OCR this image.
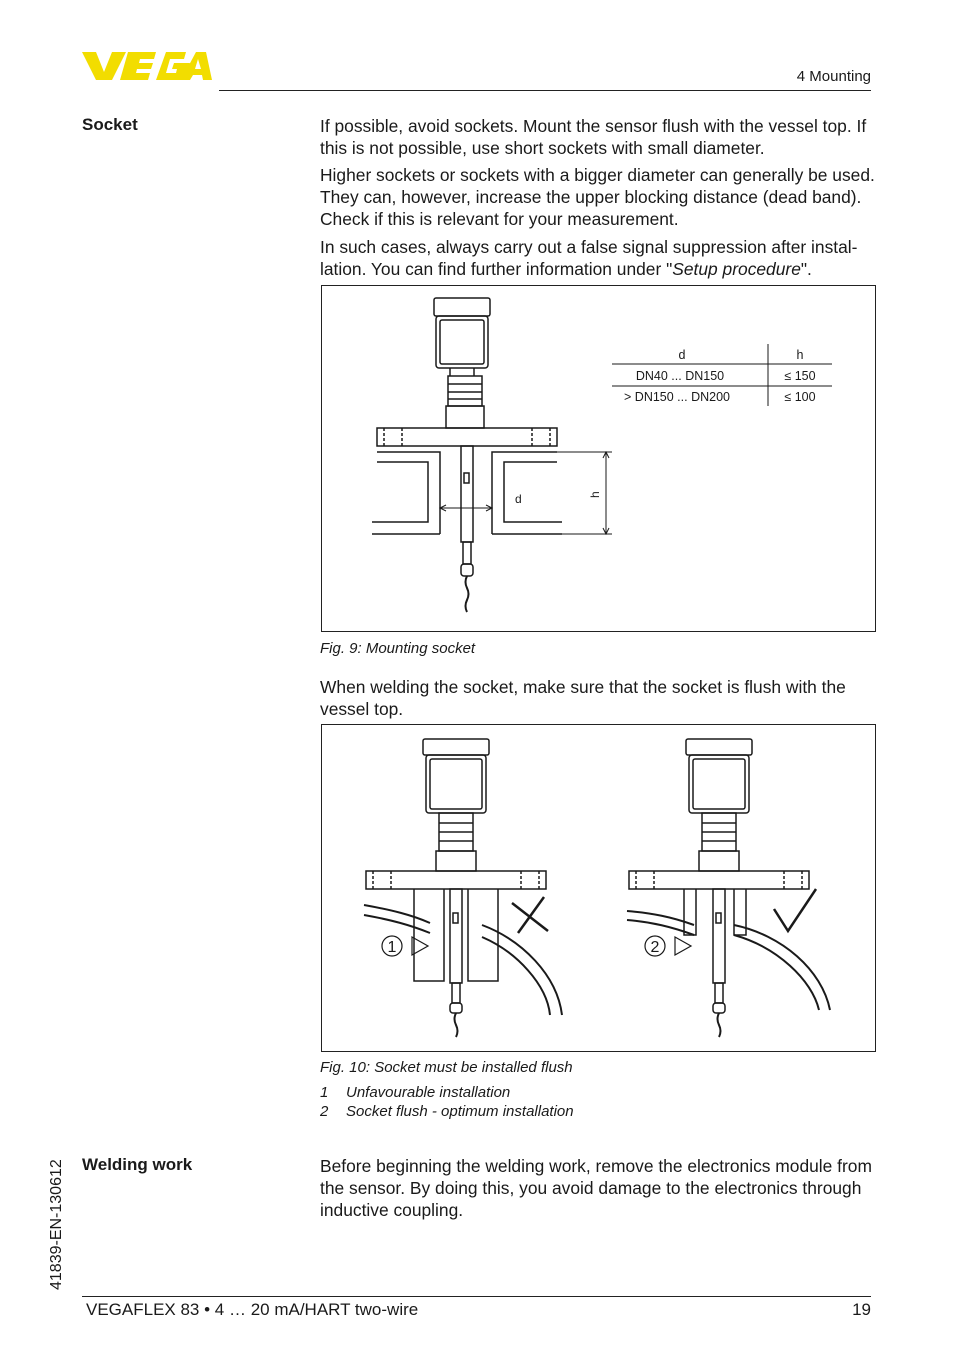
4 Mounting
Socket	If possible, avoid sockets. Mount the sensor flush with the vessel top. If this is not possible, use short sockets with small diameter.

Higher sockets or sockets with a bigger diameter can generally be used. They can, however, increase the upper blocking distance (dead band). Check if this is relevant for your measurement.

In such cases, always carry out a false signal suppression after instal- lation. You can find further information under "Setup procedure".

d	h
d	h
DN40 ... DN150	≤ 150
> DN150 ... DN200	≤ 100
Fig. 9: Mounting socket

When welding the socket, make sure that the socket is flush with the vessel top.

1	2
Fig. 10: Socket must be installed flush
1 Unfavourable installation
2 Socket flush - optimum installation
Welding work	Before beginning the welding work, remove the electronics module from the sensor. By doing this, you avoid damage to the electronics through inductive coupling.

41839-EN-130612
VEGAFLEX 83 • 4 … 20 mA/HART two-wire	19
